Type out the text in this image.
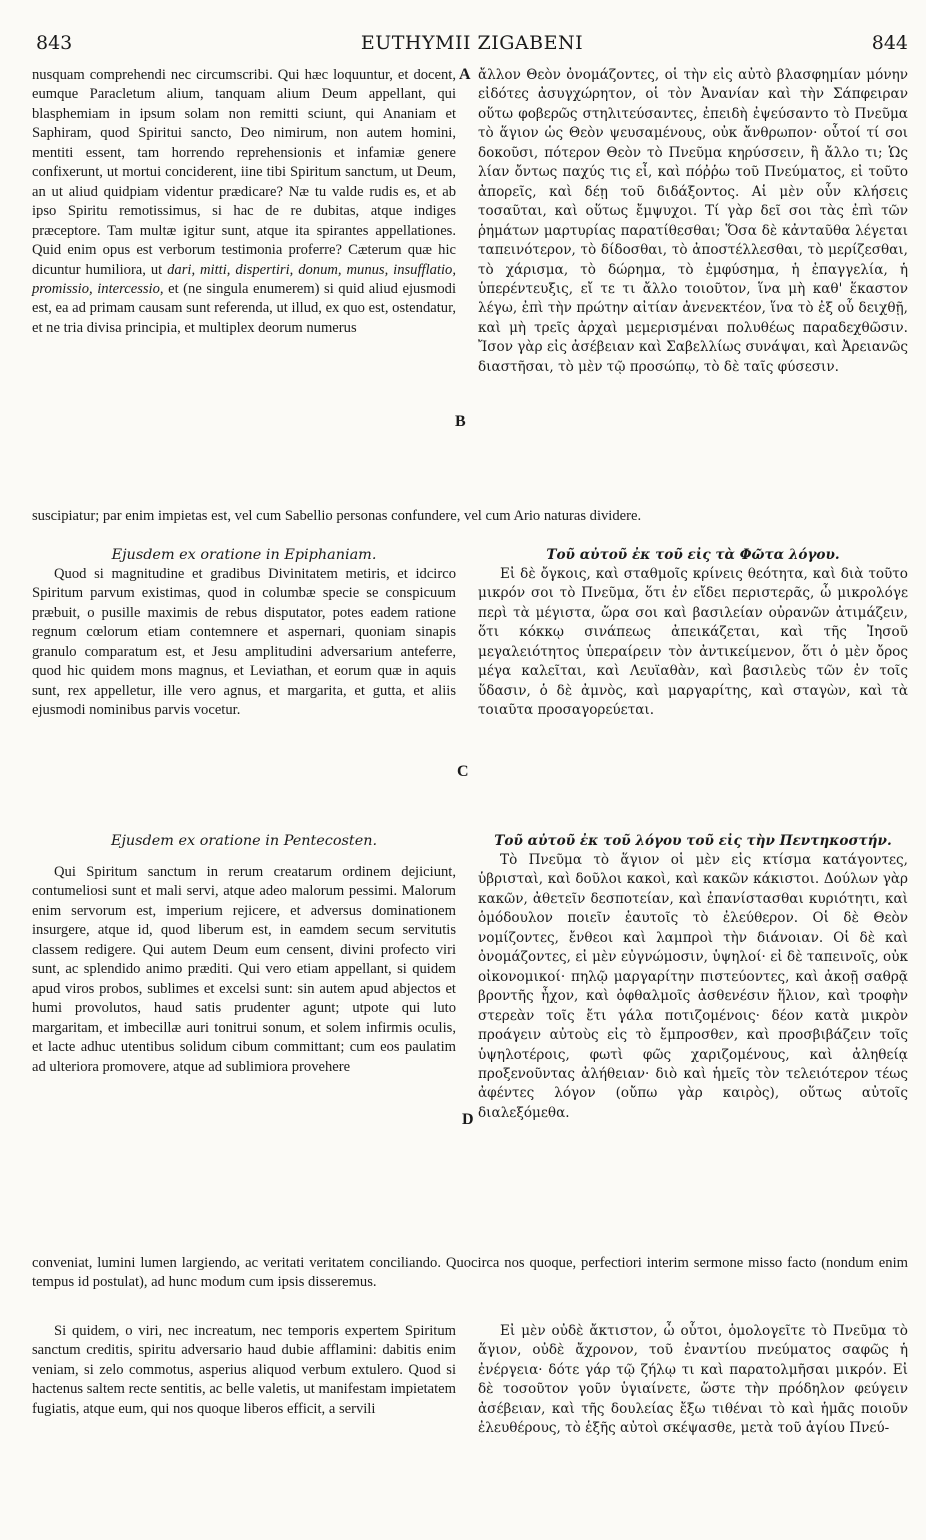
843	EUTHYMII ZIGABENI	844

nusquam comprehendi nec circumscribi. Qui hæc loquuntur, et docent, eumque Paracletum alium, tanquam alium Deum appellant, qui blasphemiam in ipsum solam non remitti sciunt, qui Ananiam et Saphiram, quod Spiritui sancto, Deo nimirum, non autem homini, mentiti essent, tam horrendo reprehensionis et infamiæ genere confixerunt, ut mortui conciderent, iine tibi Spiritum sanctum, ut Deum, an ut aliud quidpiam videntur prædicare? Næ tu valde rudis es, et ab ipso Spiritu remotissimus, si hac de re dubitas, atque indiges præceptore. Tam multæ igitur sunt, atque ita spirantes appellationes. Quid enim opus est verborum testimonia proferre? Cæterum quæ hic dicuntur humiliora, ut dari, mitti, dispertiri, donum, munus, insufflatio, promissio, intercessio, et (ne singula enumerem) si quid aliud ejusmodi est, ea ad primam causam sunt referenda, ut illud, ex quo est, ostendatur, et ne tria divisa principia, et multiplex deorum numerus

ἄλλον Θεὸν ὀνομάζοντες, οἱ τὴν εἰς αὐτὸ βλασφημίαν μόνην εἰδότες ἀσυγχώρητον, οἱ τὸν Ἀνανίαν καὶ τὴν Σάπφειραν οὕτω φοβερῶς στηλιτεύσαντες, ἐπειδὴ ἐψεύσαντο τὸ Πνεῦμα τὸ ἅγιον ὡς Θεὸν ψευσαμένους, οὐκ ἄνθρωπον· οὗτοί τί σοι δοκοῦσι, πότερον Θεὸν τὸ Πνεῦμα κηρύσσειν, ἢ ἄλλο τι; Ὡς λίαν ὄντως παχύς τις εἶ, καὶ πόῤῥω τοῦ Πνεύματος, εἰ τοῦτο ἀπορεῖς, καὶ δέῃ τοῦ διδάξοντος. Αἱ μὲν οὖν κλήσεις τοσαῦται, καὶ οὕτως ἔμψυχοι. Τί γὰρ δεῖ σοι τὰς ἐπὶ τῶν ῥημάτων μαρτυρίας παρατίθεσθαι; Ὅσα δὲ κἀνταῦθα λέγεται ταπεινότερον, τὸ δίδοσθαι, τὸ ἀποστέλλεσθαι, τὸ μερίζεσθαι, τὸ χάρισμα, τὸ δώρημα, τὸ ἐμφύσημα, ἡ ἐπαγγελία, ἡ ὑπερέντευξις, εἴ τε τι ἄλλο τοιοῦτον, ἵνα μὴ καθ' ἕκαστον λέγω, ἐπὶ τὴν πρώτην αἰτίαν ἀνενεκτέον, ἵνα τὸ ἐξ οὗ δειχθῇ, καὶ μὴ τρεῖς ἀρχαὶ μεμερισμέναι πολυθέως παραδεχθῶσιν. Ἴσον γὰρ εἰς ἀσέβειαν καὶ Σαβελλίως συνάψαι, καὶ Ἀρειανῶς διαστῆσαι, τὸ μὲν τῷ προσώπῳ, τὸ δὲ ταῖς φύσεσιν.

suscipiatur; par enim impietas est, vel cum Sabellio personas confundere, vel cum Ario naturas dividere.

Ejusdem ex oratione in Epiphaniam.

Quod si magnitudine et gradibus Divinitatem metiris, et idcirco Spiritum parvum existimas, quod in columbæ specie se conspicuum præbuit, o pusille maximis de rebus disputator, potes eadem ratione regnum cœlorum etiam contemnere et aspernari, quoniam sinapis granulo comparatum est, et Jesu amplitudini adversarium anteferre, quod hic quidem mons magnus, et Leviathan, et eorum quæ in aquis sunt, rex appelletur, ille vero agnus, et margarita, et gutta, et aliis ejusmodi nominibus parvis vocetur.

Τοῦ αὐτοῦ ἐκ τοῦ εἰς τὰ Φῶτα λόγου.

Εἰ δὲ ὄγκοις, καὶ σταθμοῖς κρίνεις θεότητα, καὶ διὰ τοῦτο μικρόν σοι τὸ Πνεῦμα, ὅτι ἐν εἴδει περιστερᾶς, ὦ μικρολόγε περὶ τὰ μέγιστα, ὥρα σοι καὶ βασιλείαν οὐρανῶν ἀτιμάζειν, ὅτι κόκκῳ σινάπεως ἀπεικάζεται, καὶ τῆς Ἰησοῦ μεγαλειότητος ὑπεραίρειν τὸν ἀντικείμενον, ὅτι ὁ μὲν ὄρος μέγα καλεῖται, καὶ Λευϊαθὰν, καὶ βασιλεὺς τῶν ἐν τοῖς ὕδασιν, ὁ δὲ ἀμνὸς, καὶ μαργαρίτης, καὶ σταγὼν, καὶ τὰ τοιαῦτα προσαγορεύεται.

Ejusdem ex oratione in Pentecosten.

Qui Spiritum sanctum in rerum creatarum ordinem dejiciunt, contumeliosi sunt et mali servi, atque adeo malorum pessimi. Malorum enim servorum est, imperium rejicere, et adversus dominationem insurgere, atque id, quod liberum est, in eamdem secum servitutis classem redigere. Qui autem Deum eum censent, divini profecto viri sunt, ac splendido animo præditi. Qui vero etiam appellant, si quidem apud viros probos, sublimes et excelsi sunt: sin autem apud abjectos et humi provolutos, haud satis prudenter agunt; utpote qui luto margaritam, et imbecillæ auri tonitrui sonum, et solem infirmis oculis, et lacte adhuc utentibus solidum cibum committant; cum eos paulatim ad ulteriora promovere, atque ad sublimiora provehere

Τοῦ αὐτοῦ ἐκ τοῦ λόγου τοῦ εἰς τὴν Πεντηκοστήν.

Τὸ Πνεῦμα τὸ ἅγιον οἱ μὲν εἰς κτίσμα κατάγοντες, ὑβρισταὶ, καὶ δοῦλοι κακοὶ, καὶ κακῶν κάκιστοι. Δούλων γὰρ κακῶν, ἀθετεῖν δεσποτείαν, καὶ ἐπανίστασθαι κυριότητι, καὶ ὁμόδουλον ποιεῖν ἑαυτοῖς τὸ ἐλεύθερον. Οἱ δὲ Θεὸν νομίζοντες, ἔνθεοι καὶ λαμπροὶ τὴν διάνοιαν. Οἱ δὲ καὶ ὀνομάζοντες, εἰ μὲν εὐγνώμοσιν, ὑψηλοί· εἰ δὲ ταπεινοῖς, οὐκ οἰκονομικοί· πηλῷ μαργαρίτην πιστεύοντες, καὶ ἀκοῇ σαθρᾷ βροντῆς ἦχον, καὶ ὀφθαλμοῖς ἀσθενέσιν ἥλιον, καὶ τροφὴν στερεὰν τοῖς ἔτι γάλα ποτιζομένοις· δέον κατὰ μικρὸν προάγειν αὐτοὺς εἰς τὸ ἔμπροσθεν, καὶ προσβιβάζειν τοῖς ὑψηλοτέροις, φωτὶ φῶς χαριζομένους, καὶ ἀληθείᾳ προξενοῦντας ἀλήθειαν· διὸ καὶ ἡμεῖς τὸν τελειότερον τέως ἀφέντες λόγον (οὔπω γὰρ καιρὸς), οὕτως αὐτοῖς διαλεξόμεθα.

conveniat, lumini lumen largiendo, ac veritati veritatem conciliando. Quocirca nos quoque, perfectiori interim sermone misso facto (nondum enim tempus id postulat), ad hunc modum cum ipsis disseremus.

Si quidem, o viri, nec increatum, nec temporis expertem Spiritum sanctum creditis, spiritu adversario haud dubie afflamini: dabitis enim veniam, si zelo commotus, asperius aliquod verbum extulero. Quod si hactenus saltem recte sentitis, ac belle valetis, ut manifestam impietatem fugiatis, atque eum, qui nos quoque liberos efficit, a servili

Εἰ μὲν οὐδὲ ἄκτιστον, ὦ οὗτοι, ὁμολογεῖτε τὸ Πνεῦμα τὸ ἅγιον, οὐδὲ ἄχρονον, τοῦ ἐναντίου πνεύματος σαφῶς ἡ ἐνέργεια· δότε γάρ τῷ ζήλῳ τι καὶ παρατολμῆσαι μικρόν. Εἰ δὲ τοσοῦτον γοῦν ὑγιαίνετε, ὥστε τὴν πρόδηλον φεύγειν ἀσέβειαν, καὶ τῆς δουλείας ἔξω τιθέναι τὸ καὶ ἡμᾶς ποιοῦν ἐλευθέρους, τὸ ἑξῆς αὐτοὶ σκέψασθε, μετὰ τοῦ ἁγίου Πνεύ-

A
B
C
D
